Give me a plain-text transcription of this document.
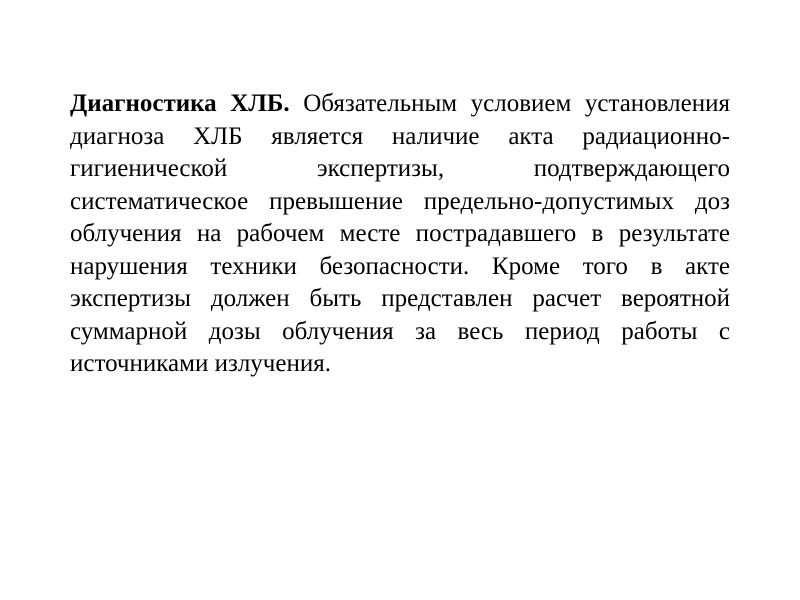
Диагностика ХЛБ. Обязательным условием установления диагноза ХЛБ является наличие акта радиационно-гигиенической экспертизы, подтверждающего систематическое превышение предельно-допустимых доз облучения на рабочем месте пострадавшего в результате нарушения техники безопасности. Кроме того в акте экспертизы должен быть представлен расчет вероятной суммарной дозы облучения за весь период работы с источниками излучения.
